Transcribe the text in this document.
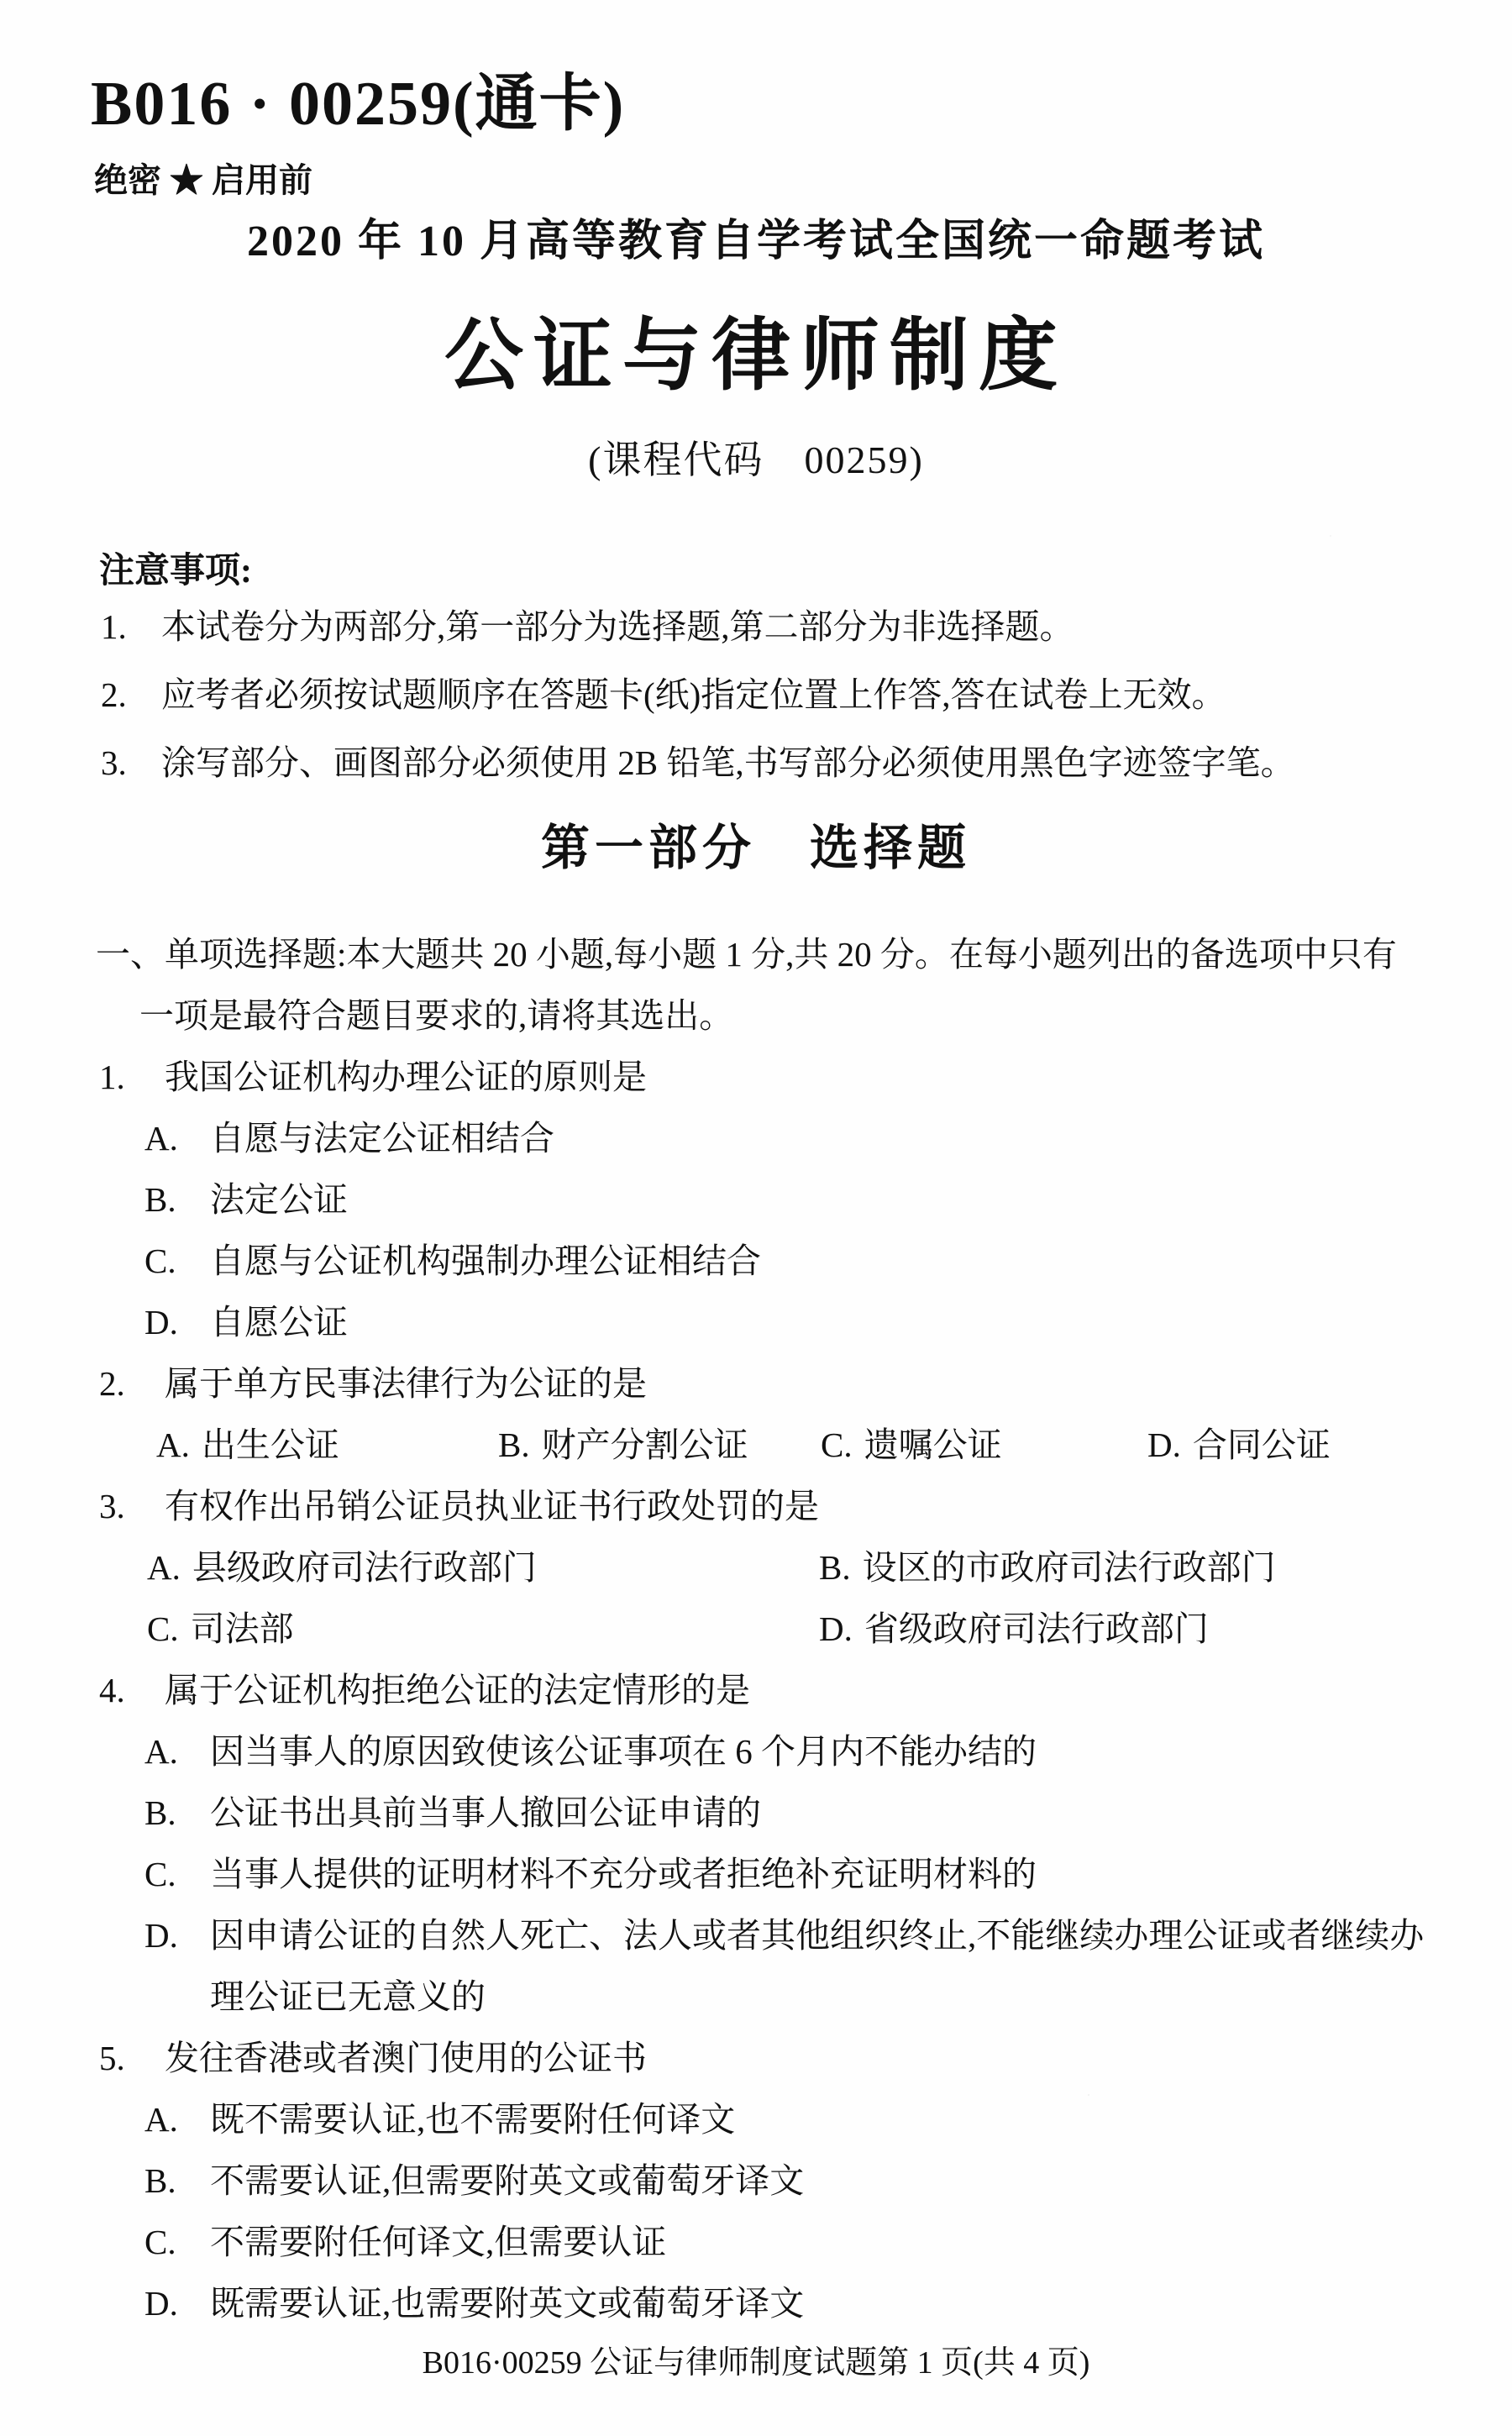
B016 · 00259(通卡)
绝密 ★ 启用前
2020 年 10 月高等教育自学考试全国统一命题考试
公证与律师制度
(课程代码　00259)
注意事项:
1. 本试卷分为两部分,第一部分为选择题,第二部分为非选择题。
2. 应考者必须按试题顺序在答题卡(纸)指定位置上作答,答在试卷上无效。
3. 涂写部分、画图部分必须使用 2B 铅笔,书写部分必须使用黑色字迹签字笔。
第一部分　选择题
一、单项选择题:本大题共 20 小题,每小题 1 分,共 20 分。在每小题列出的备选项中只有
一项是最符合题目要求的,请将其选出。
1. 我国公证机构办理公证的原则是
A. 自愿与法定公证相结合
B. 法定公证
C. 自愿与公证机构强制办理公证相结合
D. 自愿公证
2. 属于单方民事法律行为公证的是
A. 出生公证	B. 财产分割公证 C. 遗嘱公证	D. 合同公证
3. 有权作出吊销公证员执业证书行政处罚的是
A. 县级政府司法行政部门	B. 设区的市政府司法行政部门
C. 司法部	D. 省级政府司法行政部门
4. 属于公证机构拒绝公证的法定情形的是
A. 因当事人的原因致使该公证事项在 6 个月内不能办结的
B. 公证书出具前当事人撤回公证申请的
C. 当事人提供的证明材料不充分或者拒绝补充证明材料的
D. 因申请公证的自然人死亡、法人或者其他组织终止,不能继续办理公证或者继续办
理公证已无意义的
5. 发往香港或者澳门使用的公证书
A. 既不需要认证,也不需要附任何译文
B. 不需要认证,但需要附英文或葡萄牙译文
C. 不需要附任何译文,但需要认证
D. 既需要认证,也需要附英文或葡萄牙译文
B016·00259 公证与律师制度试题第 1 页(共 4 页)
